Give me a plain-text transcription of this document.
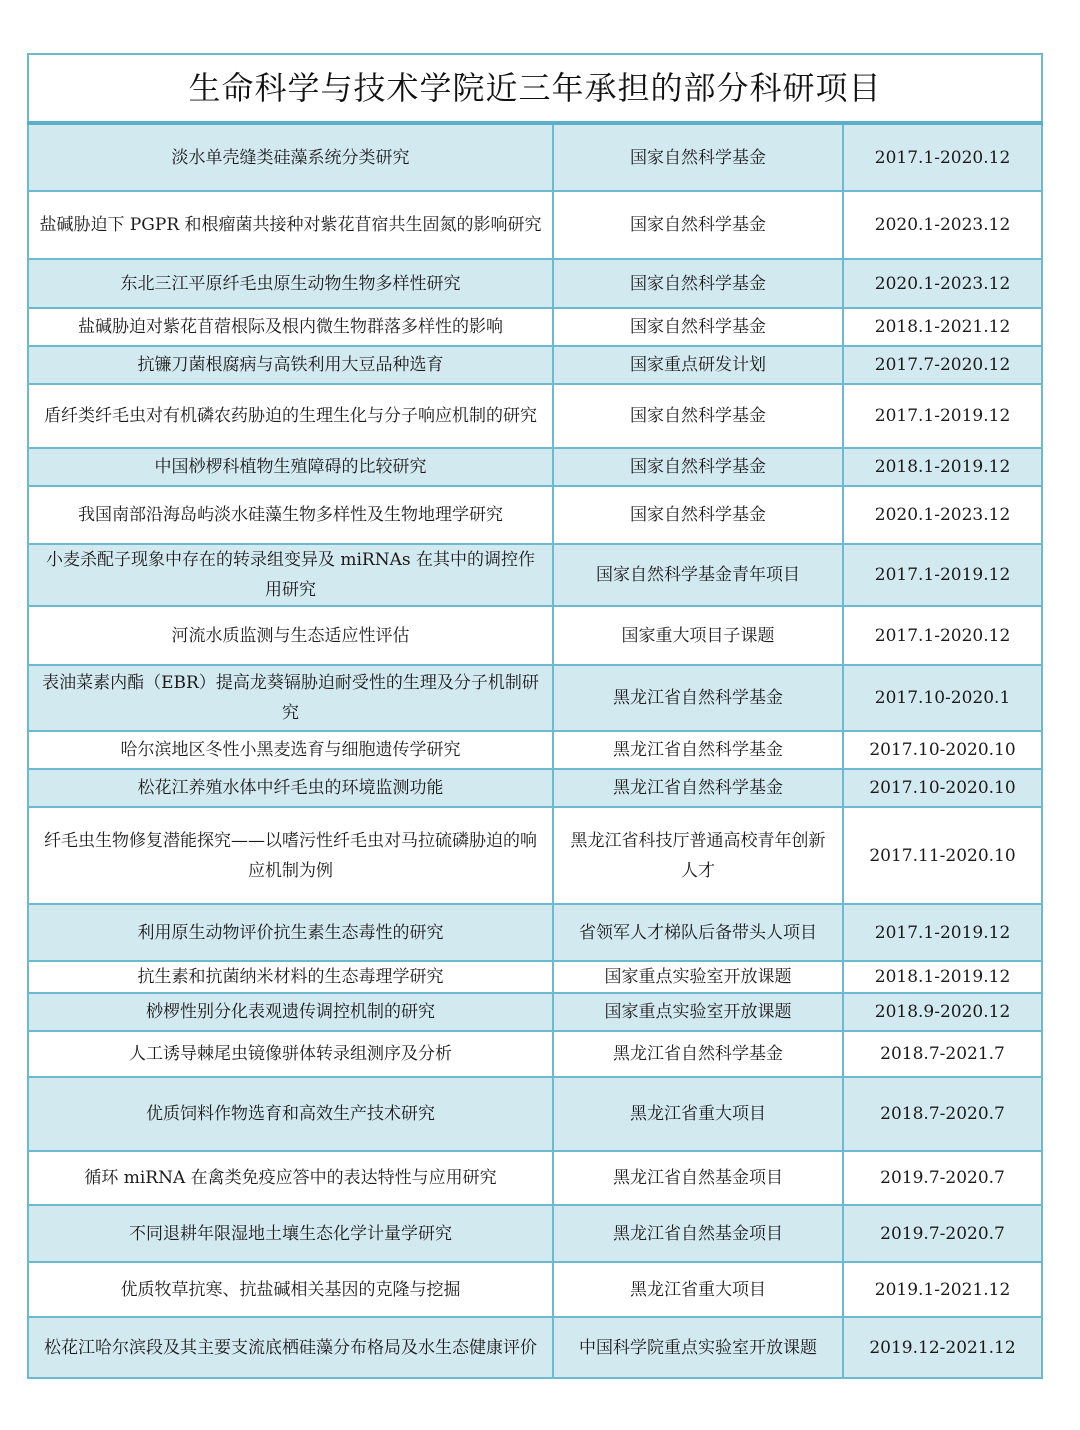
生命科学与技术学院近三年承担的部分科研项目		
淡水单壳缝类硅藻系统分类研究	国家自然科学基金	2017.1-2020.12
盐碱胁迫下 PGPR 和根瘤菌共接种对紫花苜宿共生固氮的影响研究	国家自然科学基金	2020.1-2023.12
东北三江平原纤毛虫原生动物生物多样性研究	国家自然科学基金	2020.1-2023.12
盐碱胁迫对紫花苜蓿根际及根内微生物群落多样性的影响	国家自然科学基金	2018.1-2021.12
抗镰刀菌根腐病与高铁利用大豆品种选育	国家重点研发计划	2017.7-2020.12
盾纤类纤毛虫对有机磷农药胁迫的生理生化与分子响应机制的研究	国家自然科学基金	2017.1-2019.12
中国桫椤科植物生殖障碍的比较研究	国家自然科学基金	2018.1-2019.12
我国南部沿海岛屿淡水硅藻生物多样性及生物地理学研究	国家自然科学基金	2020.1-2023.12
小麦杀配子现象中存在的转录组变异及 miRNAs 在其中的调控作用研究	国家自然科学基金青年项目	2017.1-2019.12
河流水质监测与生态适应性评估	国家重大项目子课题	2017.1-2020.12
表油菜素内酯（EBR）提高龙葵镉胁迫耐受性的生理及分子机制研究	黑龙江省自然科学基金	2017.10-2020.1
哈尔滨地区冬性小黑麦选育与细胞遗传学研究	黑龙江省自然科学基金	2017.10-2020.10
松花江养殖水体中纤毛虫的环境监测功能	黑龙江省自然科学基金	2017.10-2020.10
纤毛虫生物修复潜能探究——以嗜污性纤毛虫对马拉硫磷胁迫的响应机制为例	黑龙江省科技厅普通高校青年创新人才	2017.11-2020.10
利用原生动物评价抗生素生态毒性的研究	省领军人才梯队后备带头人项目	2017.1-2019.12
抗生素和抗菌纳米材料的生态毒理学研究	国家重点实验室开放课题	2018.1-2019.12
桫椤性别分化表观遗传调控机制的研究	国家重点实验室开放课题	2018.9-2020.12
人工诱导棘尾虫镜像骈体转录组测序及分析	黑龙江省自然科学基金	2018.7-2021.7
优质饲料作物选育和高效生产技术研究	黑龙江省重大项目	2018.7-2020.7
循环 miRNA 在禽类免疫应答中的表达特性与应用研究	黑龙江省自然基金项目	2019.7-2020.7
不同退耕年限湿地土壤生态化学计量学研究	黑龙江省自然基金项目	2019.7-2020.7
优质牧草抗寒、抗盐碱相关基因的克隆与挖掘	黑龙江省重大项目	2019.1-2021.12
松花江哈尔滨段及其主要支流底栖硅藻分布格局及水生态健康评价	中国科学院重点实验室开放课题	2019.12-2021.12
